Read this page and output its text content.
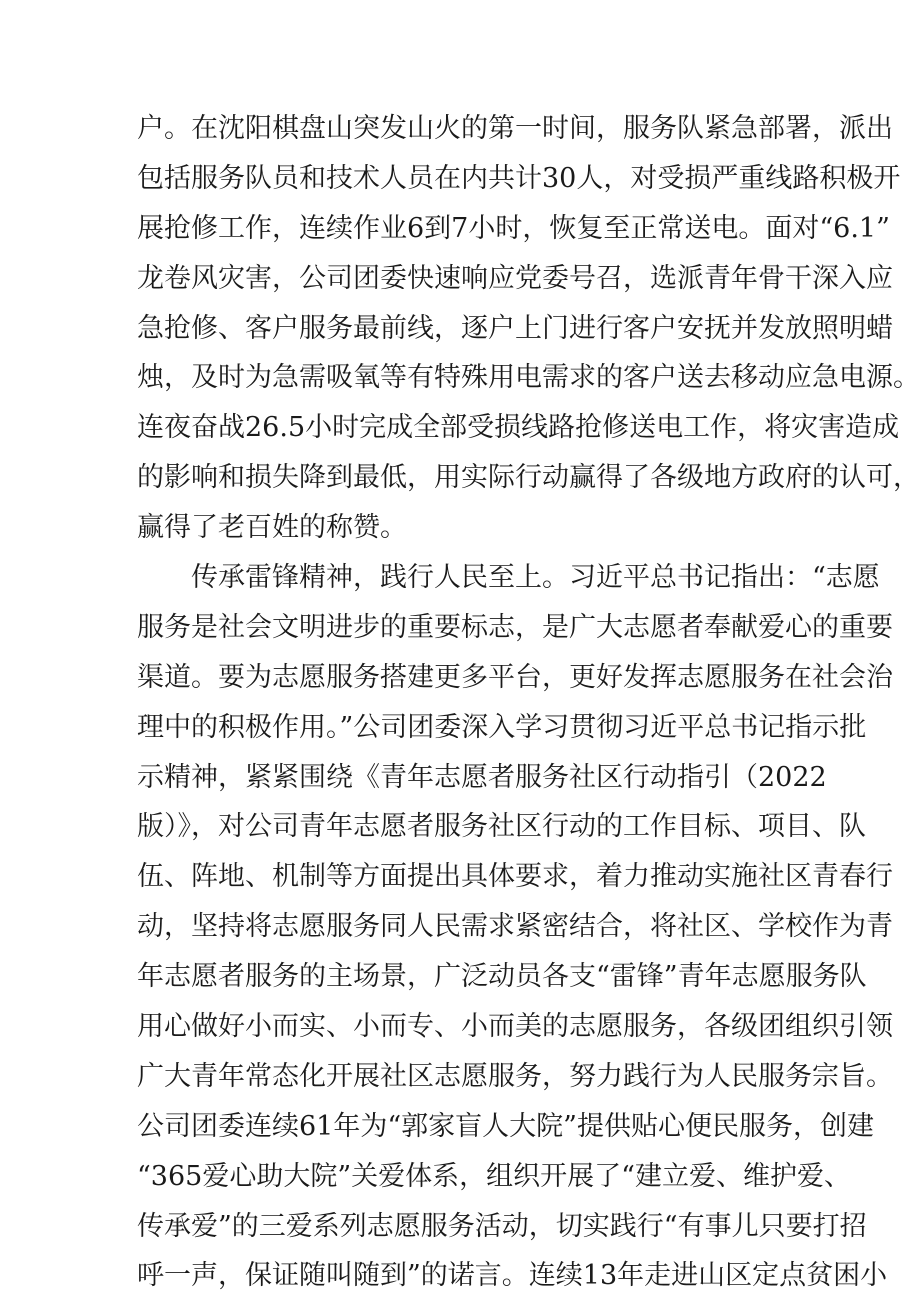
户。在沈阳棋盘山突发山火的第一时间，服务队紧急部署，派出
包括服务队员和技术人员在内共计30人，对受损严重线路积极开
展抢修工作，连续作业6到7小时，恢复至正常送电。面对“6.1”
龙卷风灾害，公司团委快速响应党委号召，选派青年骨干深入应
急抢修、客户服务最前线，逐户上门进行客户安抚并发放照明蜡
烛，及时为急需吸氧等有特殊用电需求的客户送去移动应急电源。
连夜奋战26.5小时完成全部受损线路抢修送电工作，将灾害造成
的影响和损失降到最低，用实际行动赢得了各级地方政府的认可，
赢得了老百姓的称赞。
传承雷锋精神，践行人民至上。习近平总书记指出：“志愿
服务是社会文明进步的重要标志，是广大志愿者奉献爱心的重要
渠道。要为志愿服务搭建更多平台，更好发挥志愿服务在社会治
理中的积极作用。”公司团委深入学习贯彻习近平总书记指示批
示精神，紧紧围绕《青年志愿者服务社区行动指引（2022
版）》，对公司青年志愿者服务社区行动的工作目标、项目、队
伍、阵地、机制等方面提出具体要求，着力推动实施社区青春行
动，坚持将志愿服务同人民需求紧密结合，将社区、学校作为青
年志愿者服务的主场景，广泛动员各支“雷锋”青年志愿服务队
用心做好小而实、小而专、小而美的志愿服务，各级团组织引领
广大青年常态化开展社区志愿服务，努力践行为人民服务宗旨。
公司团委连续61年为“郭家盲人大院”提供贴心便民服务，创建
“365爱心助大院”关爱体系，组织开展了“建立爱、维护爱、
传承爱”的三爱系列志愿服务活动，切实践行“有事儿只要打招
呼一声，保证随叫随到”的诺言。连续13年走进山区定点贫困小
